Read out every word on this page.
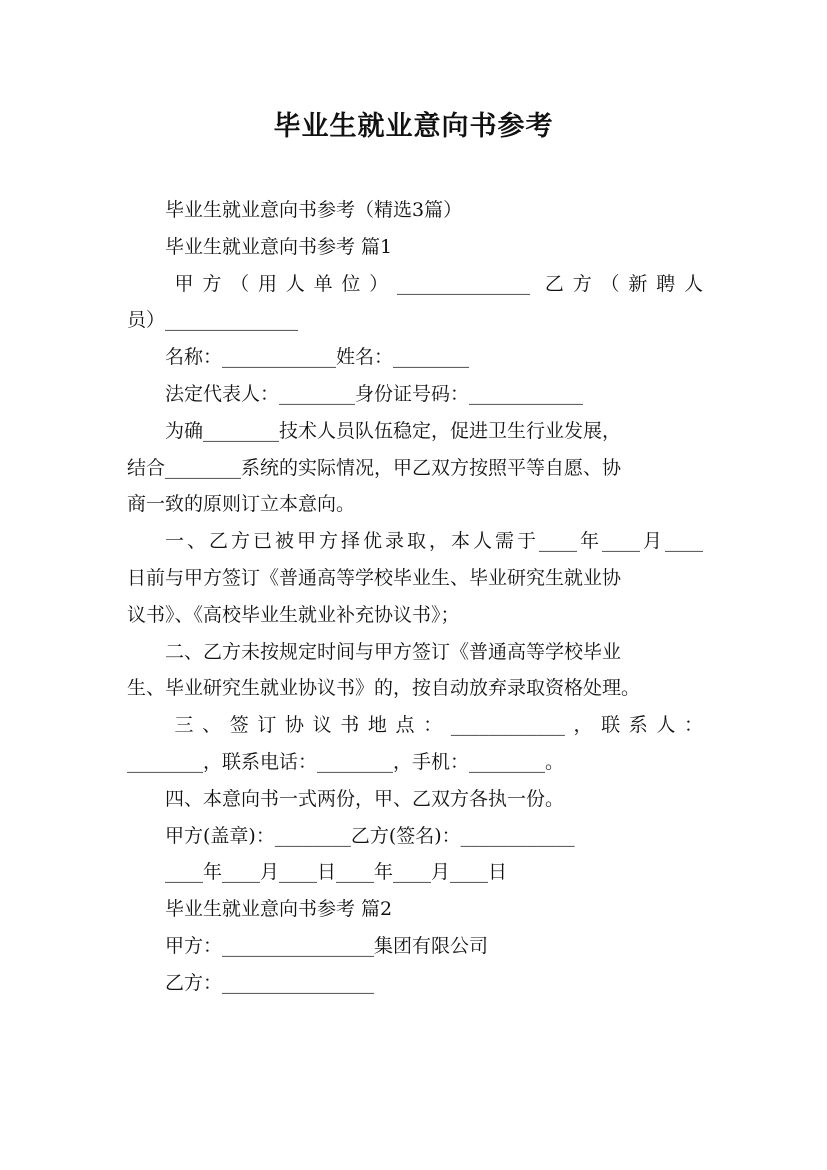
毕业生就业意向书参考

毕业生就业意向书参考（精选3篇）

毕业生就业意向书参考 篇1

甲方（用人单位）______________ 乙方（新聘人

员）______________

名称：____________姓名：________

法定代表人：________身份证号码：____________

为确________技术人员队伍稳定，促进卫生行业发展，

结合________系统的实际情况，甲乙双方按照平等自愿、协

商一致的原则订立本意向。

一、乙方已被甲方择优录取，本人需于____年____月____

日前与甲方签订《普通高等学校毕业生、毕业研究生就业协

议书》、《高校毕业生就业补充协议书》；

二、乙方未按规定时间与甲方签订《普通高等学校毕业

生、毕业研究生就业协议书》的，按自动放弃录取资格处理。

三、签订协议书地点：____________，联系人：

________，联系电话：________，手机：________。

四、本意向书一式两份，甲、乙双方各执一份。

甲方(盖章)：________乙方(签名)：____________

____年____月____日____年____月____日

毕业生就业意向书参考 篇2

甲方：________________集团有限公司

乙方：________________
